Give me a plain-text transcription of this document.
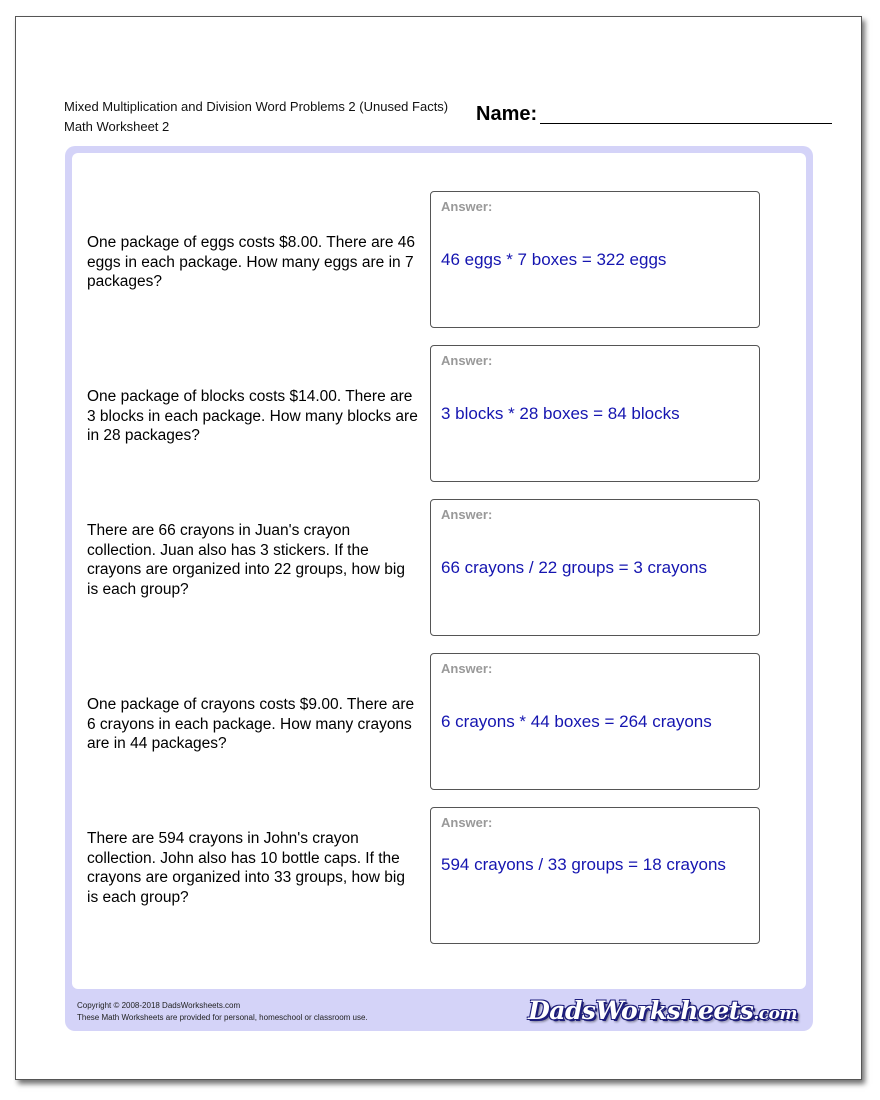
Mixed Multiplication and Division Word Problems 2 (Unused Facts)
Math Worksheet 2
Name:
One package of eggs costs $8.00. There are 46 eggs in each package. How many eggs are in 7 packages?
Answer:
46 eggs * 7 boxes = 322 eggs
One package of blocks costs $14.00. There are 3 blocks in each package. How many blocks are in 28 packages?
Answer:
3 blocks * 28 boxes = 84 blocks
There are 66 crayons in Juan's crayon collection. Juan also has 3 stickers. If the crayons are organized into 22 groups, how big is each group?
Answer:
66 crayons / 22 groups = 3 crayons
One package of crayons costs $9.00. There are 6 crayons in each package. How many crayons are in 44 packages?
Answer:
6 crayons * 44 boxes = 264 crayons
There are 594 crayons in John's crayon collection. John also has 10 bottle caps. If the crayons are organized into 33 groups, how big is each group?
Answer:
594 crayons / 33 groups = 18 crayons
Copyright © 2008-2018 DadsWorksheets.com
These Math Worksheets are provided for personal, homeschool or classroom use.	DadsWorksheets.com
